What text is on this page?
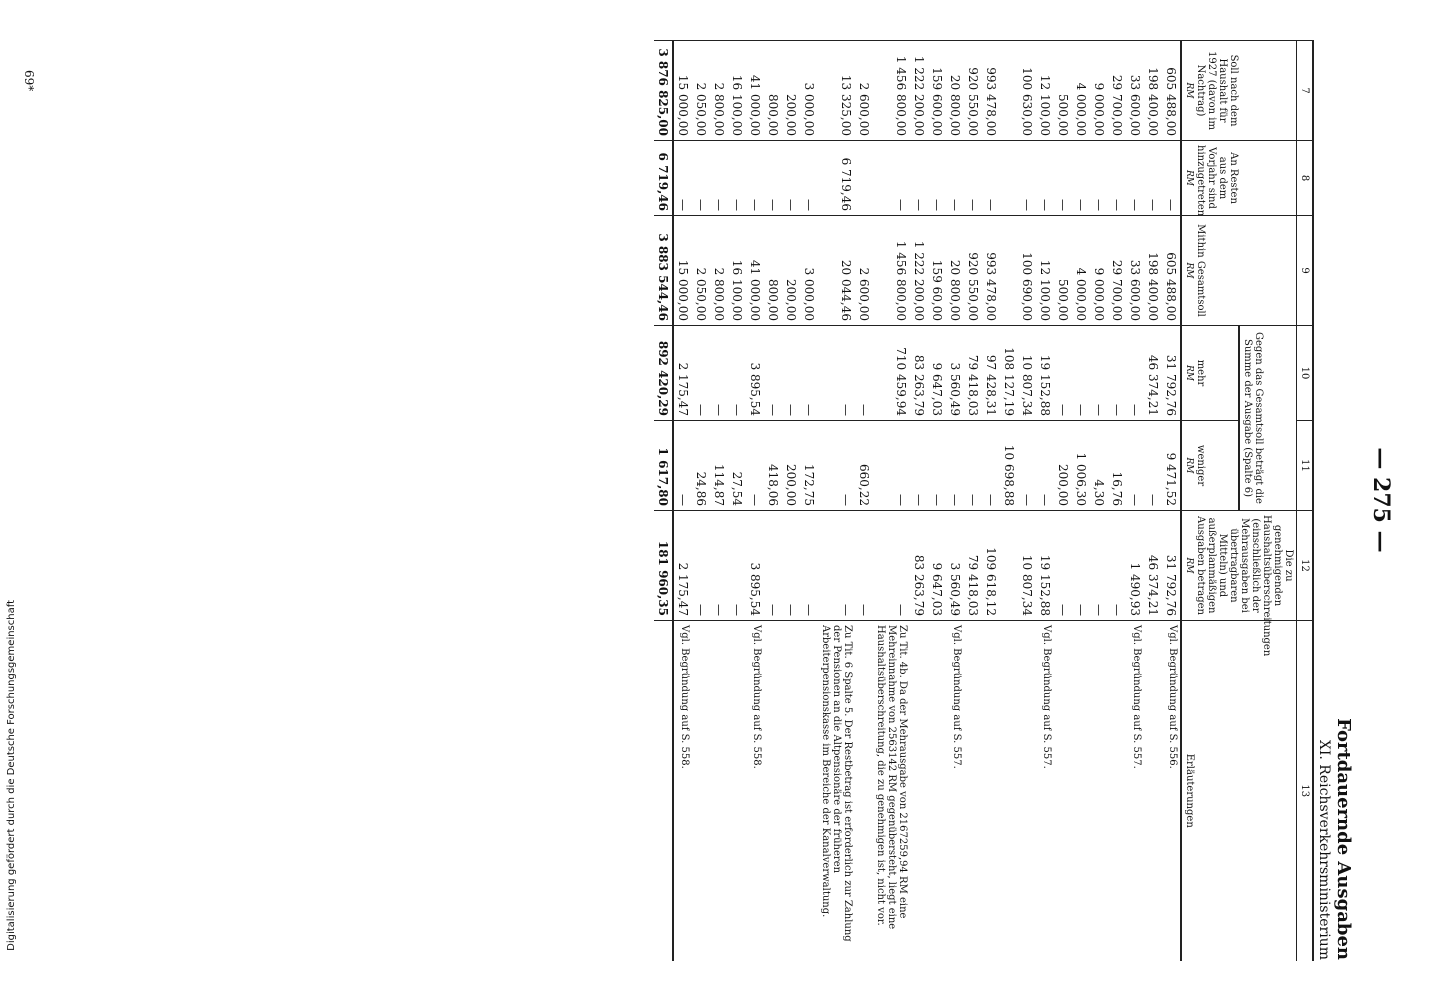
— 275 —
Fortdauernde Ausgaben
XI. Reichsverkehrsministerium
7	8	9	10	11	12	13
Soll nach dem Haushalt für 1927 (davon im Nachtrag)
RM	An Resten aus dem Vorjahr sind hinzugetreten
RM	Mithin Gesamtsoll
RM	Gegen das Gesamtsoll beträgt die Summe der Ausgabe (Spalte 6)		Die zu genehmigenden Haushaltsüberschreitungen (einschließlich der Mehrausgaben bei übertragbaren Mitteln) und außerplanmäßigen Ausgaben betragen
RM	Erläuterungen
			mehr
RM	weniger
RM		
605 488,00	—	605 488,00	31 792,76	9 471,52	31 792,76	Vgl. Begründung auf S. 556.
198 400,00	—	198 400,00	46 374,21	—	46 374,21	
33 600,00	—	33 600,00	—	—	1 490,93	Vgl. Begründung auf S. 557.
29 700,00	—	29 700,00	—	16,76	—	
9 000,00	—	9 000,00	—	4,30	—	
4 000,00	—	4 000,00	—	1 006,30	—	
500,00	—	500,00	—	200,00	—	
12 100,00	—	12 100,00	19 152,88	—	19 152,88	Vgl. Begründung auf S. 557.
100 630,00	—	100 690,00	10 807,34	—	10 807,34	
			108 127,19	10 698,88		
993 478,00	—	993 478,00	97 428,31	—	109 618,12	
920 550,00	—	920 550,00	79 418,03	—	79 418,03	
20 800,00	—	20 800,00	3 560,49	—	3 560,49	Vgl. Begründung auf S. 557.
159 600,00	—	159 60,00	9 647,03	—	9 647,03	
1 222 200,00	—	1 222 200,00	83 263,79	—	83 263,79	
1 456 800,00	—	1 456 800,00	710 459,94	—	—	Zu Tit. 4b. Da der Mehrausgabe von 2167259,94 RM eine Mehreinnahme von 2563142 RM gegenübersteht, liegt eine Haushaltsüberschreitung, die zu genehmigen ist, nicht vor.
2 600,00		2 600,00	—	660,22	—	
13 325,00	6 719,46	20 044,46	—	—	—	Zu Tit. 6 Spalte 5. Der Restbetrag ist erforderlich zur Zahlung der Pensionen an die Altpensionäre der früheren Arbeiterpensionskasse im Bereiche der Kanalverwaltung.
3 000,00	—	3 000,00	—	172,75	—	
200,00	—	200,00	—	200,00	—	
800,00	—	800,00	—	418,06	—	
41 000,00	—	41 000,00	3 895,54	—	3 895,54	Vgl. Begründung auf S. 558.
16 100,00	—	16 100,00	—	27,54	—	
2 800,00	—	2 800,00	—	114,87	—	
2 050,00	—	2 050,00	—	24,86	—	
15 000,00	—	15 000,00	2 175,47	—	2 175,47	Vgl. Begründung auf S. 558.
3 876 825,00	6 719,46	3 883 544,46	892 420,29	1 617,80	181 960,35	
69*
Digitalisierung gefördert durch die Deutsche Forschungsgemeinschaft
